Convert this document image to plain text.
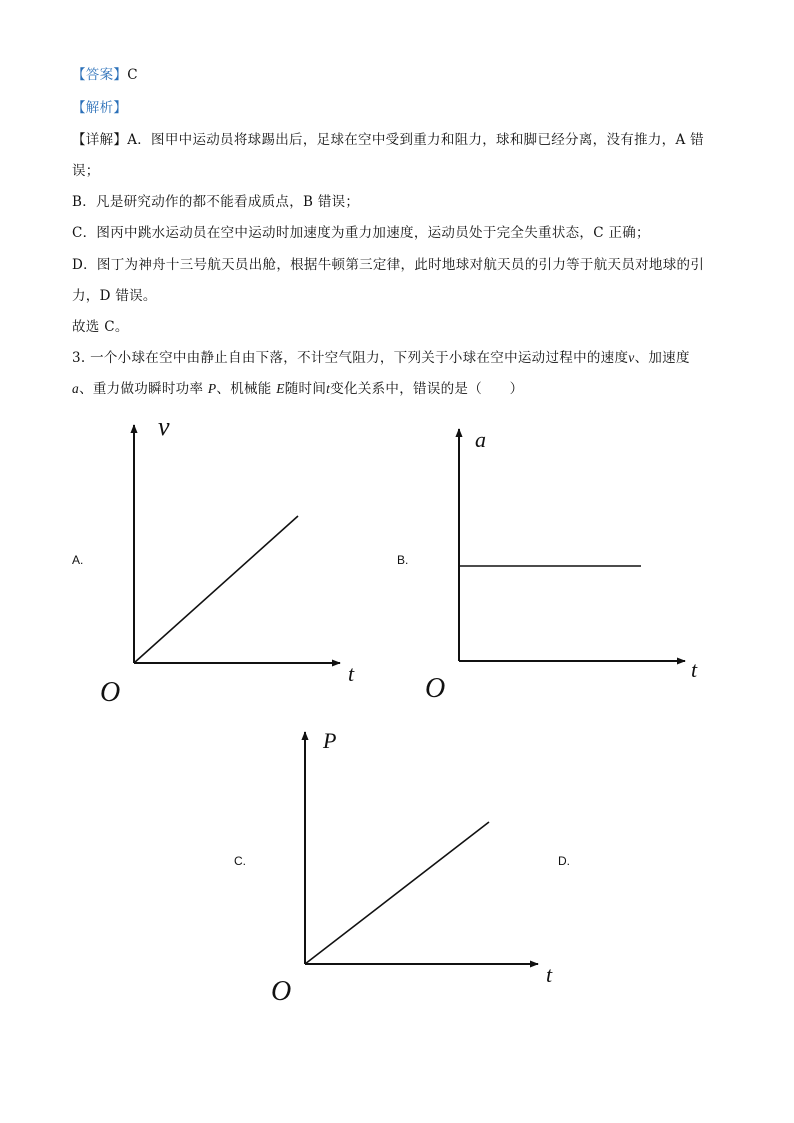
【答案】C
【解析】
【详解】A．图甲中运动员将球踢出后，足球在空中受到重力和阻力，球和脚已经分离，没有推力，A 错
误；
B．凡是研究动作的都不能看成质点，B 错误；
C．图丙中跳水运动员在空中运动时加速度为重力加速度，运动员处于完全失重状态，C 正确；
D．图丁为神舟十三号航天员出舱，根据牛顿第三定律，此时地球对航天员的引力等于航天员对地球的引
力，D 错误。
故选 C。
3. 一个小球在空中由静止自由下落，不计空气阻力，下列关于小球在空中运动过程中的速度v、加速度
a、重力做功瞬时功率 P、机械能 E随时间t变化关系中，错误的是（　　）
A.	B.
C.	D.
v
t
O
a
t
O
P
t
O
